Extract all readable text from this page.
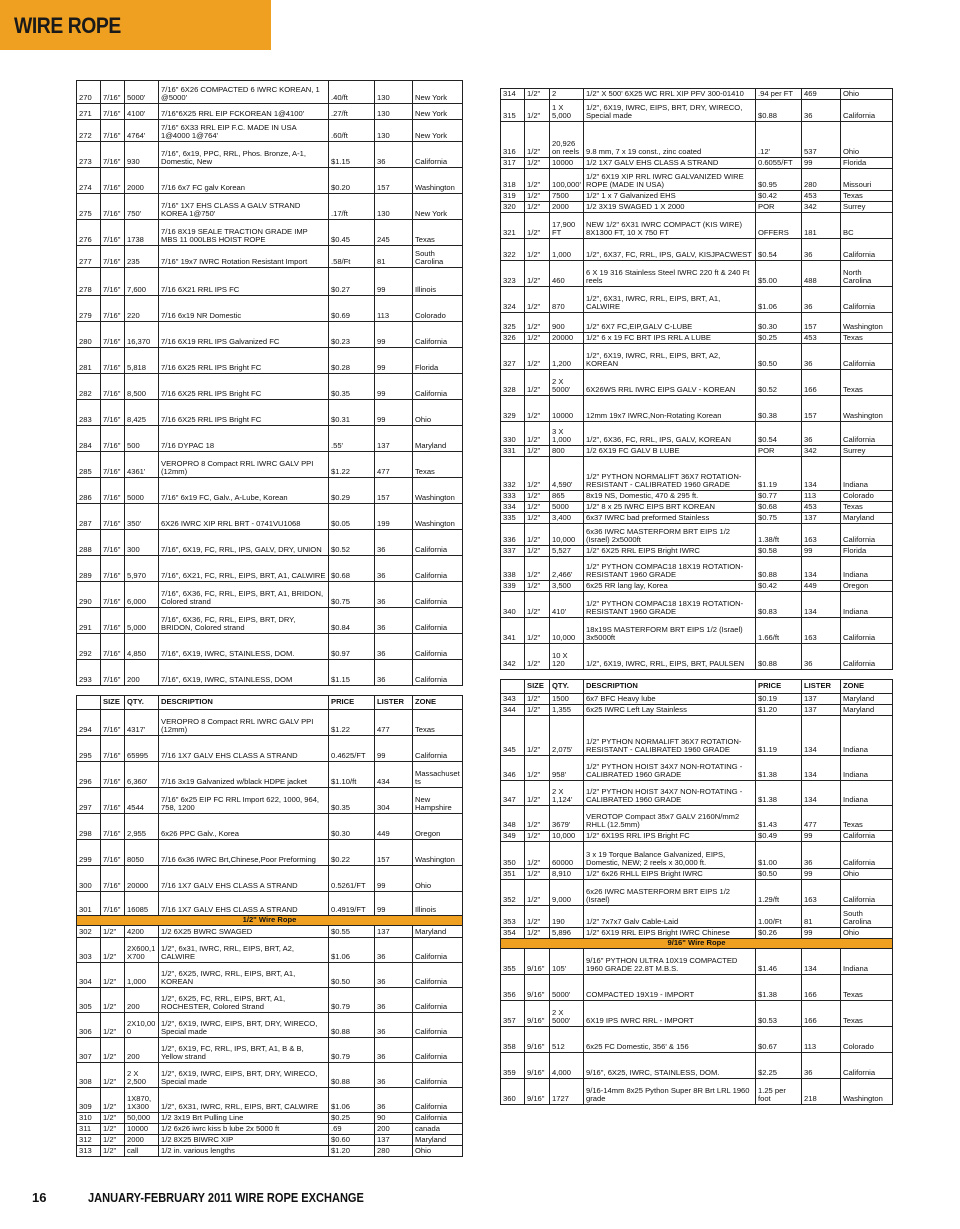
WIRE ROPE
270	7/16"	5000'	7/16" 6X26 COMPACTED 6 IWRC KOREAN, 1 @5000'	.40/ft	130	New York
271	7/16"	4100'	7/16"6X25 RRL EIP FCKOREAN 1@4100'	.27/ft	130	New York
272	7/16"	4764'	7/16" 6X33 RRL EIP F.C. MADE IN USA 1@4000 1@764'	.60/ft	130	New York
273	7/16"	930	7/16", 6x19, PPC, RRL, Phos. Bronze, A-1, Domestic, New	$1.15	36	California
274	7/16"	2000	7/16 6x7 FC galv Korean	$0.20	157	Washington
275	7/16"	750'	7/16" 1X7 EHS CLASS A GALV STRAND KOREA 1@750'	.17/ft	130	New York
276	7/16"	1738	7/16 8X19 SEALE TRACTION GRADE IMP MBS 11 000LBS HOIST ROPE	$0.45	245	Texas
277	7/16"	235	7/16" 19x7 IWRC Rotation Resistant Import	.58/Ft	81	South Carolina
278	7/16"	7,600	7/16 6X21 RRL IPS FC	$0.27	99	Illinois
279	7/16"	220	7/16 6x19 NR Domestic	$0.69	113	Colorado
280	7/16"	16,370	7/16 6X19 RRL IPS Galvanized FC	$0.23	99	California
281	7/16"	5,818	7/16 6X25 RRL IPS Bright FC	$0.28	99	Florida
282	7/16"	8,500	7/16 6X25 RRL IPS Bright FC	$0.35	99	California
283	7/16"	8,425	7/16 6X25 RRL IPS Bright FC	$0.31	99	Ohio
284	7/16"	500	7/16 DYPAC 18	.55'	137	Maryland
285	7/16"	4361'	VEROPRO 8 Compact RRL IWRC GALV PPI (12mm)	$1.22	477	Texas
286	7/16"	5000	7/16" 6x19 FC, Galv., A-Lube, Korean	$0.29	157	Washington
287	7/16"	350'	6X26 IWRC XIP RRL BRT - 0741VU1068	$0.05	199	Washington
288	7/16"	300	7/16", 6X19, FC, RRL, IPS, GALV, DRY, UNION	$0.52	36	California
289	7/16"	5,970	7/16", 6X21, FC, RRL, EIPS, BRT, A1, CALWIRE	$0.68	36	California
290	7/16"	6,000	7/16", 6X36, FC, RRL, EIPS, BRT, A1, BRIDON, Colored strand	$0.75	36	California
291	7/16"	5,000	7/16", 6X36, FC, RRL, EIPS, BRT, DRY, BRIDON, Colored strand	$0.84	36	California
292	7/16"	4,850	7/16", 6X19, IWRC, STAINLESS, DOM.	$0.97	36	California
293	7/16"	200	7/16", 6X19, IWRC, STAINLESS, DOM	$1.15	36	California

	SIZE	QTY.	DESCRIPTION	PRICE	LISTER	ZONE
294	7/16"	4317'	VEROPRO 8 Compact RRL IWRC GALV PPI (12mm)	$1.22	477	Texas
295	7/16"	65995	7/16 1X7 GALV EHS CLASS A STRAND	0.4625/FT	99	California
296	7/16"	6,360'	7/16 3x19 Galvanized w/black HDPE jacket	$1.10/ft	434	Massachusetts
297	7/16"	4544	7/16" 6x25 EIP FC RRL Import 622, 1000, 964, 758, 1200	$0.35	304	New Hampshire
298	7/16"	2,955	6x26 PPC Galv., Korea	$0.30	449	Oregon
299	7/16"	8050	7/16 6x36 IWRC Brt,Chinese,Poor Preforming	$0.22	157	Washington
300	7/16"	20000	7/16 1X7 GALV EHS CLASS A STRAND	0.5261/FT	99	Ohio
301	7/16"	16085	7/16 1X7 GALV EHS CLASS A STRAND	0.4919/FT	99	Illinois
1/2" Wire Rope						
302	1/2"	4200	1/2 6X25 BWRC SWAGED	$0.55	137	Maryland
303	1/2"	2X600,1X700	1/2", 6x31, IWRC, RRL, EIPS, BRT, A2, CALWIRE	$1.06	36	California
304	1/2"	1,000	1/2", 6X25, IWRC, RRL, EIPS, BRT, A1, KOREAN	$0.50	36	California
305	1/2"	200	1/2", 6X25, FC, RRL, EIPS, BRT, A1, ROCHESTER, Colored Strand	$0.79	36	California
306	1/2"	2X10,000	1/2", 6X19, IWRC, EIPS, BRT, DRY, WIRECO, Special made	$0.88	36	California
307	1/2"	200	1/2", 6X19, FC, RRL, IPS, BRT, A1, B & B, Yellow strand	$0.79	36	California
308	1/2"	2 X 2,500	1/2", 6X19, IWRC, EIPS, BRT, DRY, WIRECO, Special made	$0.88	36	California
309	1/2"	1X870, 1X300	1/2", 6X31, IWRC, RRL, EIPS, BRT, CALWIRE	$1.06	36	California
310	1/2"	50,000	1/2 3x19 Brt Pulling Line	$0.25	90	California
311	1/2"	10000	1/2 6x26 iwrc kiss b lube 2x 5000 ft	.69	200	canada
312	1/2"	2000	1/2 8X25 BIWRC XIP	$0.60	137	Maryland
313	1/2"	call	1/2 in. various lengths	$1.20	280	Ohio
314	1/2"	2	1/2" X 500' 6X25 WC RRL XIP PFV 300-01410	.94 per FT	469	Ohio
315	1/2"	1 X 5,000	1/2", 6X19, IWRC, EIPS, BRT, DRY, WIRECO, Special made	$0.88	36	California
316	1/2"	20,926 on reels	9.8 mm, 7 x 19 const., zinc coated	.12'	537	Ohio
317	1/2"	10000	1/2 1X7 GALV EHS CLASS A STRAND	0.6055/FT	99	Florida
318	1/2"	100,000'	1/2" 6X19 XIP RRL IWRC GALVANIZED WIRE ROPE (MADE IN USA)	$0.95	280	Missouri
319	1/2"	7500	1/2" 1 x 7 Galvanized EHS	$0.42	453	Texas
320	1/2"	2000	1/2 3X19 SWAGED 1 X 2000	POR	342	Surrey
321	1/2"	17,900 FT	NEW 1/2" 6X31 IWRC COMPACT (KIS WIRE) 8X1300 FT, 10 X 750 FT	OFFERS	181	BC
322	1/2"	1,000	1/2", 6X37, FC, RRL, IPS, GALV, KISJPACWEST	$0.54	36	California
323	1/2"	460	6 X 19 316 Stainless Steel IWRC 220 ft & 240 Ft reels	$5.00	488	North Carolina
324	1/2"	870	1/2", 6X31, IWRC, RRL, EIPS, BRT, A1, CALWIRE	$1.06	36	California
325	1/2"	900	1/2" 6X7 FC,EIP,GALV C-LUBE	$0.30	157	Washington
326	1/2"	20000	1/2" 6 x 19 FC BRT IPS RRL A LUBE	$0.25	453	Texas
327	1/2"	1,200	1/2", 6X19, IWRC, RRL, EIPS, BRT, A2, KOREAN	$0.50	36	California
328	1/2"	2 X 5000'	6X26WS RRL IWRC EIPS GALV - KOREAN	$0.52	166	Texas
329	1/2"	10000	12mm 19x7 IWRC,Non-Rotating Korean	$0.38	157	Washington
330	1/2"	3 X 1,000	1/2", 6X36, FC, RRL, IPS, GALV, KOREAN	$0.54	36	California
331	1/2"	800	1/2 6X19 FC GALV B LUBE	POR	342	Surrey
332	1/2"	4,590'	1/2" PYTHON NORMALIFT 36X7 ROTATION-RESISTANT - CALIBRATED 1960 GRADE	$1.19	134	Indiana
333	1/2"	865	8x19 NS, Domestic, 470 & 295 ft.	$0.77	113	Colorado
334	1/2"	5000	1/2" 8 x 25 IWRC EIPS BRT KOREAN	$0.68	453	Texas
335	1/2"	3,400	6x37 IWRC bad preformed Stainless	$0.75	137	Maryland
336	1/2"	10,000	6x36 IWRC MASTERFORM BRT EIPS 1/2 (Israel) 2x5000ft	1.38/ft	163	California
337	1/2"	5,527	1/2" 6X25 RRL EIPS Bright IWRC	$0.58	99	Florida
338	1/2"	2,466'	1/2" PYTHON COMPAC18 18X19 ROTATION-RESISTANT 1960 GRADE	$0.88	134	Indiana
339	1/2"	3,500	6x25 RR lang lay, Korea	$0.42	449	Oregon
340	1/2"	410'	1/2" PYTHON COMPAC18 18X19 ROTATION-RESISTANT 1960 GRADE	$0.83	134	Indiana
341	1/2"	10,000	18x19S MASTERFORM BRT EIPS 1/2 (Israel) 3x5000ft	1.66/ft	163	California
342	1/2"	10 X 120	1/2", 6X19, IWRC, RRL, EIPS, BRT, PAULSEN	$0.88	36	California

	SIZE	QTY.	DESCRIPTION	PRICE	LISTER	ZONE
343	1/2"	1500	6x7 BFC Heavy lube	$0.19	137	Maryland
344	1/2"	1,355	6x25 IWRC Left Lay Stainless	$1.20	137	Maryland
345	1/2"	2,075'	1/2" PYTHON NORMALIFT 36X7 ROTATION-RESISTANT - CALIBRATED 1960 GRADE	$1.19	134	Indiana
346	1/2"	958'	1/2" PYTHON HOIST 34X7 NON-ROTATING - CALIBRATED 1960 GRADE	$1.38	134	Indiana
347	1/2"	2 X 1,124'	1/2" PYTHON HOIST 34X7 NON-ROTATING - CALIBRATED 1960 GRADE	$1.38	134	Indiana
348	1/2"	3679'	VEROTOP Compact 35x7 GALV 2160N/mm2 RHLL (12.5mm)	$1.43	477	Texas
349	1/2"	10,000	1/2" 6X19S RRL IPS Bright FC	$0.49	99	California
350	1/2"	60000	3 x 19 Torque Balance Galvanized, EIPS, Domestic, NEW; 2 reels x 30,000 ft.	$1.00	36	California
351	1/2"	8,910	1/2" 6x26 RHLL EIPS Bright IWRC	$0.50	99	Ohio
352	1/2"	9,000	6x26 IWRC MASTERFORM BRT EIPS 1/2 (Israel)	1.29/ft	163	California
353	1/2"	190	1/2" 7x7x7 Galv Cable-Laid	1.00/Ft	81	South Carolina
354	1/2"	5,896	1/2" 6X19 RRL EIPS Bright IWRC Chinese	$0.26	99	Ohio
9/16" Wire Rope						
355	9/16"	105'	9/16" PYTHON ULTRA 10X19 COMPACTED 1960 GRADE 22.8T M.B.S.	$1.46	134	Indiana
356	9/16"	5000'	COMPACTED 19X19 - IMPORT	$1.38	166	Texas
357	9/16"	2 X 5000'	6X19 IPS IWRC RRL - IMPORT	$0.53	166	Texas
358	9/16"	512	6x25 FC Domestic, 356' & 156	$0.67	113	Colorado
359	9/16"	4,000	9/16", 6X25, IWRC, STAINLESS, DOM.	$2.25	36	California
360	9/16"	1727	9/16-14mm 8x25 Python Super 8R Brt LRL 1960 grade	1.25 per foot	218	Washington
16	JANUARY-FEBRUARY 2011 WIRE ROPE EXCHANGE
